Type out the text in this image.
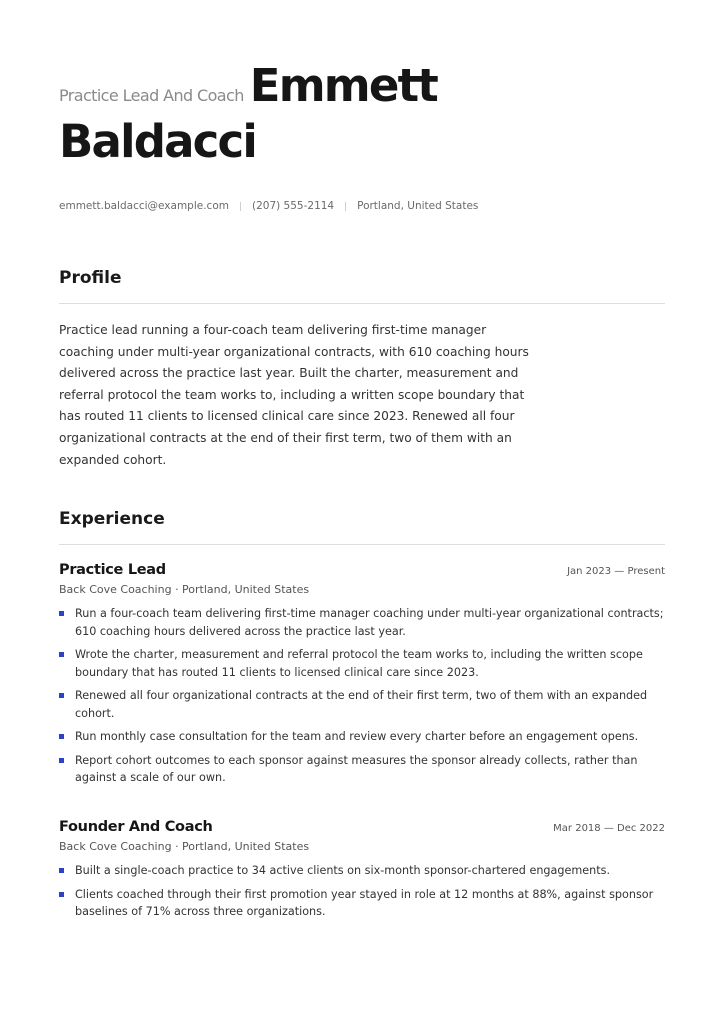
Practice Lead And Coach Emmett
Baldacci
emmett.baldacci@example.com (207) 555-2114 Portland, United States
Profile
Practice lead running a four-coach team delivering first-time manager coaching under multi-year organizational contracts, with 610 coaching hours delivered across the practice last year. Built the charter, measurement and referral protocol the team works to, including a written scope boundary that has routed 11 clients to licensed clinical care since 2023. Renewed all four organizational contracts at the end of their first term, two of them with an expanded cohort.
Experience
Practice Lead	Jan 2023 — Present
Back Cove Coaching · Portland, United States
Run a four-coach team delivering first-time manager coaching under multi-year organizational contracts; 610 coaching hours delivered across the practice last year.
Wrote the charter, measurement and referral protocol the team works to, including the written scope boundary that has routed 11 clients to licensed clinical care since 2023.
Renewed all four organizational contracts at the end of their first term, two of them with an expanded cohort.
Run monthly case consultation for the team and review every charter before an engagement opens.
Report cohort outcomes to each sponsor against measures the sponsor already collects, rather than against a scale of our own.
Founder And Coach	Mar 2018 — Dec 2022
Back Cove Coaching · Portland, United States
Built a single-coach practice to 34 active clients on six-month sponsor-chartered engagements.
Clients coached through their first promotion year stayed in role at 12 months at 88%, against sponsor baselines of 71% across three organizations.
